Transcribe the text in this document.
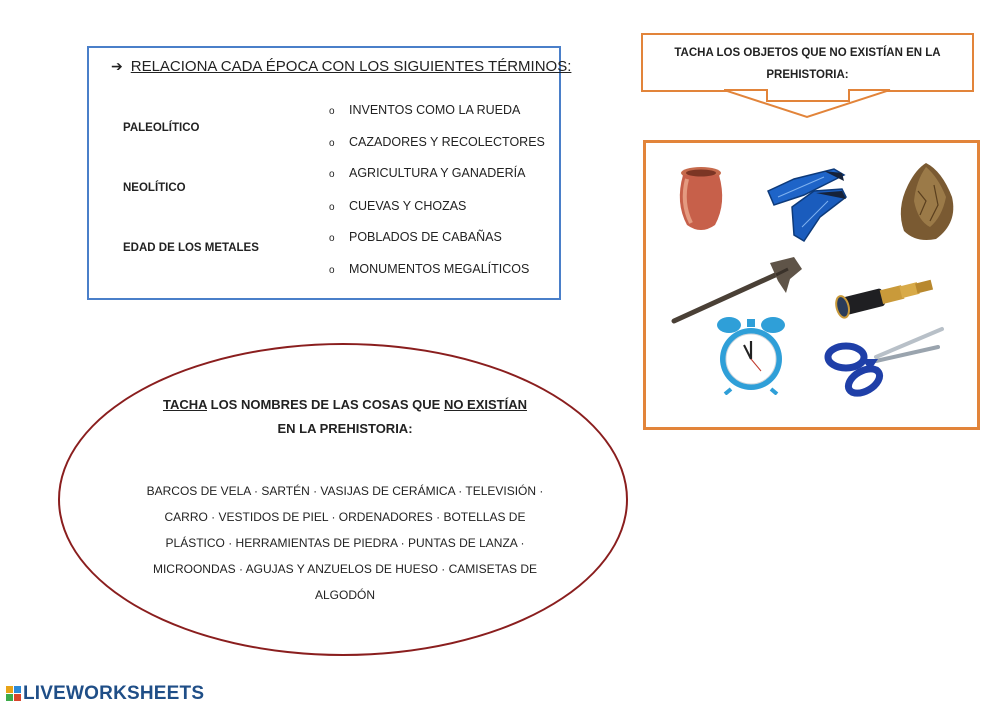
➔ RELACIONA CADA ÉPOCA CON LOS SIGUIENTES TÉRMINOS:
PALEOLÍTICO
NEOLÍTICO
EDAD DE LOS METALES
o INVENTOS COMO LA RUEDA
o CAZADORES Y RECOLECTORES
o AGRICULTURA Y GANADERÍA
o CUEVAS Y CHOZAS
o POBLADOS DE CABAÑAS
o MONUMENTOS MEGALÍTICOS
TACHA LOS OBJETOS QUE NO EXISTÍAN EN LA
PREHISTORIA:
TACHA LOS NOMBRES DE LAS COSAS QUE NO EXISTÍAN
EN LA PREHISTORIA:
BARCOS DE VELA · SARTÉN · VASIJAS DE CERÁMICA · TELEVISIÓN · CARRO · VESTIDOS DE PIEL · ORDENADORES · BOTELLAS DE PLÁSTICO · HERRAMIENTAS DE PIEDRA · PUNTAS DE LANZA · MICROONDAS · AGUJAS Y ANZUELOS DE HUESO · CAMISETAS DE ALGODÓN
LIVEWORKSHEETS
